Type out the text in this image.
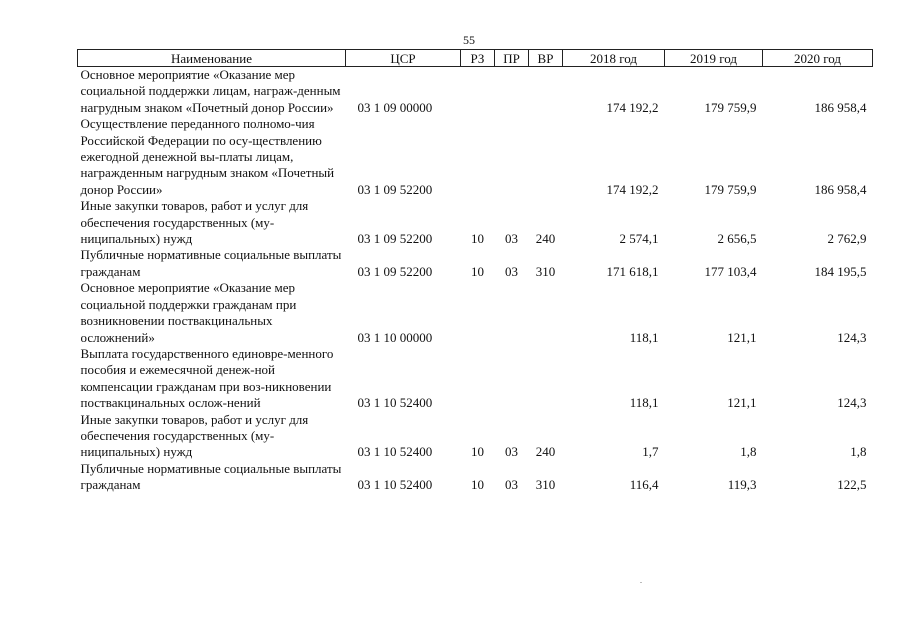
55
Наименование	ЦСР	РЗ	ПР	ВР	2018 год	2019 год	2020 год
Основное мероприятие «Оказание мер социальной поддержки лицам, награж-денным нагрудным знаком «Почетный донор России»	03 1 09 00000				174 192,2	179 759,9	186 958,4
Осуществление переданного полномо-чия Российской Федерации по осу-ществлению ежегодной денежной вы-платы лицам, награжденным нагрудным знаком «Почетный донор России»	03 1 09 52200				174 192,2	179 759,9	186 958,4
Иные закупки товаров, работ и услуг для обеспечения государственных (му-ниципальных) нужд	03 1 09 52200	10	03	240	2 574,1	2 656,5	2 762,9
Публичные нормативные социальные выплаты гражданам	03 1 09 52200	10	03	310	171 618,1	177 103,4	184 195,5
Основное мероприятие «Оказание мер социальной поддержки гражданам при возникновении поствакцинальных осложнений»	03 1 10 00000				118,1	121,1	124,3
Выплата государственного единовре-менного пособия и ежемесячной денеж-ной компенсации гражданам при воз-никновении поствакцинальных ослож-нений	03 1 10 52400				118,1	121,1	124,3
Иные закупки товаров, работ и услуг для обеспечения государственных (му-ниципальных) нужд	03 1 10 52400	10	03	240	1,7	1,8	1,8
Публичные нормативные социальные выплаты гражданам	03 1 10 52400	10	03	310	116,4	119,3	122,5
